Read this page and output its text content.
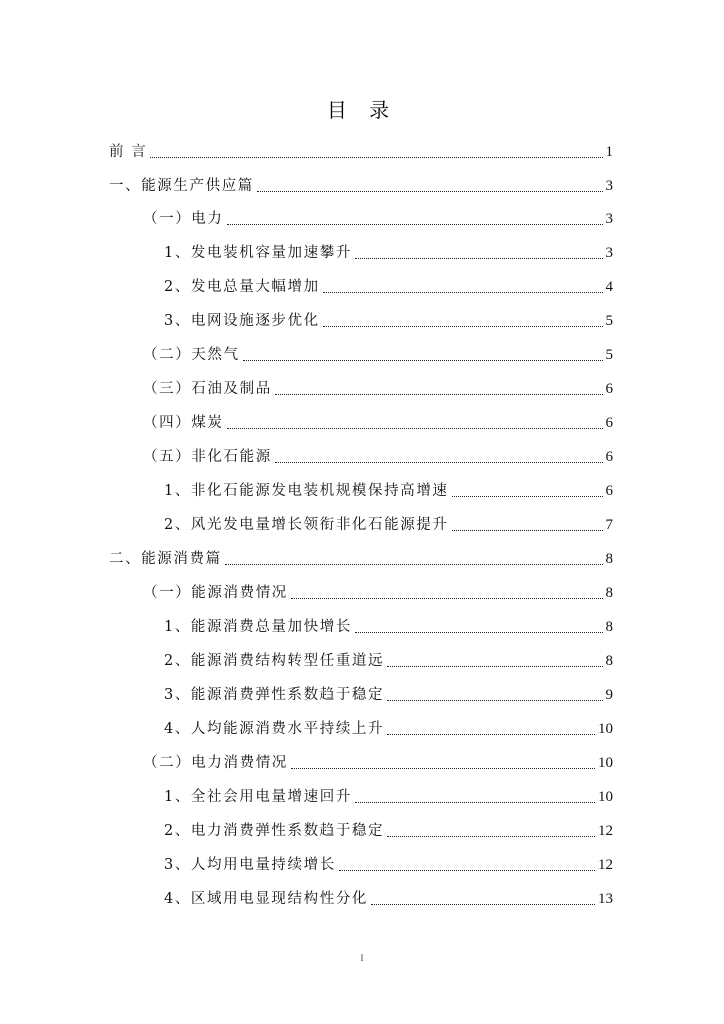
目 录
前 言	1
一、能源生产供应篇	3
（一）电力	3
1、发电装机容量加速攀升	3
2、发电总量大幅增加	4
3、电网设施逐步优化	5
（二）天然气	5
（三）石油及制品	6
（四）煤炭	6
（五）非化石能源	6
1、非化石能源发电装机规模保持高增速	6
2、风光发电量增长领衔非化石能源提升	7
二、能源消费篇	8
（一）能源消费情况	8
1、能源消费总量加快增长	8
2、能源消费结构转型任重道远	8
3、能源消费弹性系数趋于稳定	9
4、人均能源消费水平持续上升	10
（二）电力消费情况	10
1、全社会用电量增速回升	10
2、电力消费弹性系数趋于稳定	12
3、人均用电量持续增长	12
4、区域用电显现结构性分化	13
I
